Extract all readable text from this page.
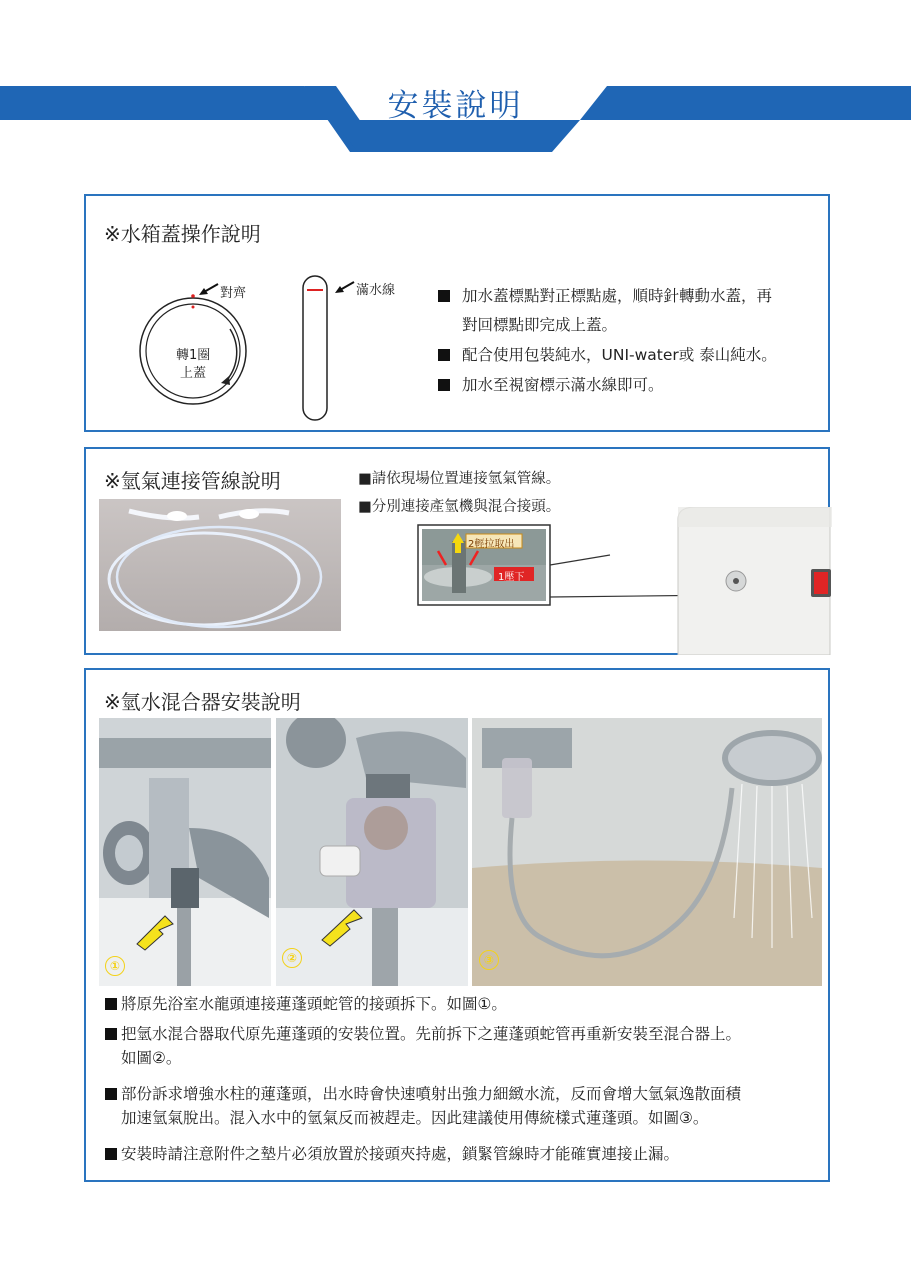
安裝說明
※水箱蓋操作說明
對齊
轉1圈
上蓋
滿水線	加水蓋標點對正標點處，順時針轉動水蓋，再
對回標點即完成上蓋。
配合使用包裝純水，UNI-water或 泰山純水。
加水至視窗標示滿水線即可。
※氫氣連接管線說明	■請依現場位置連接氫氣管線。
■分別連接產氫機與混合接頭。
2輕拉取出
1壓下
※氫水混合器安裝說明
①
②	③
將原先浴室水龍頭連接蓮蓬頭蛇管的接頭拆下。如圖①。
把氫水混合器取代原先蓮蓬頭的安裝位置。先前拆下之蓮蓬頭蛇管再重新安裝至混合器上。
如圖②。
部份訴求增強水柱的蓮蓬頭，出水時會快速噴射出強力細緻水流，反而會增大氫氣逸散面積
加速氫氣脫出。混入水中的氫氣反而被趕走。因此建議使用傳統樣式蓮蓬頭。如圖③。
安裝時請注意附件之墊片必須放置於接頭夾持處，鎖緊管線時才能確實連接止漏。
